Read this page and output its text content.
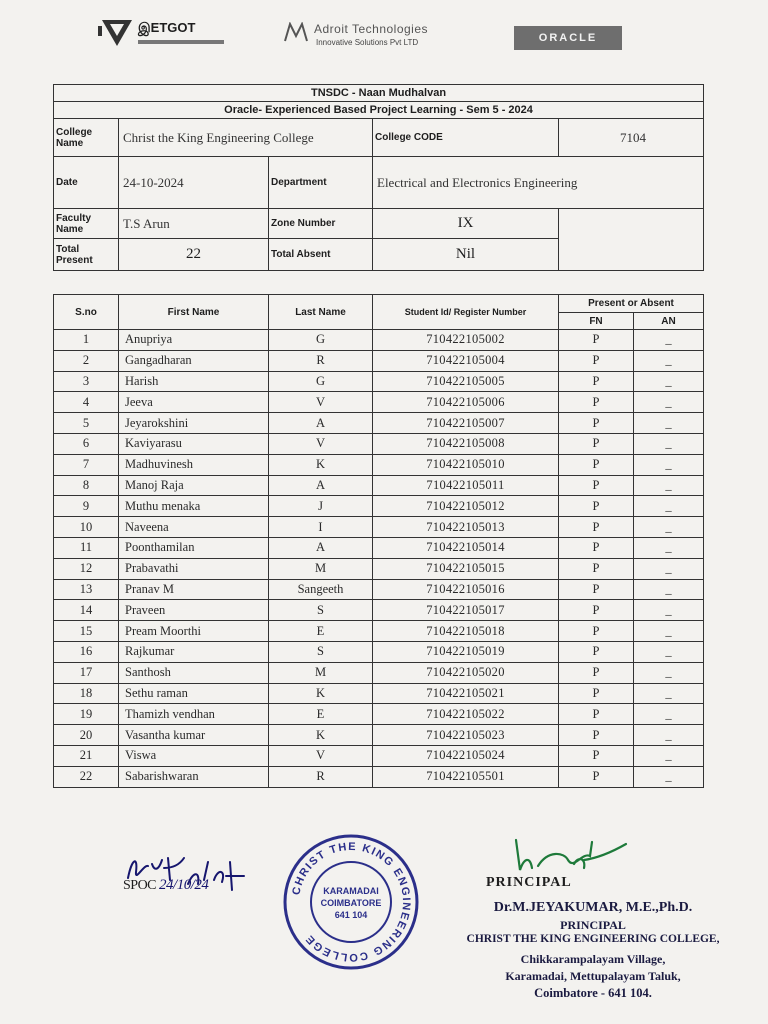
இETGOT	Adroit Technologies
Innovative Solutions Pvt LTD	ORACLE
TNSDC - Naan Mudhalvan				
Oracle- Experienced Based Project Learning - Sem 5 - 2024				
College Name	Christ the King Engineering College		College CODE	7104
Date	24-10-2024	Department	Electrical and Electronics Engineering	
Faculty Name	T.S Arun	Zone Number	IX	
Total Present	22	Total Absent	Nil	
S.no	First Name	Last Name	Student Id/ Register Number	Present or Absent	
				FN	AN
1	Anupriya	G	710422105002	P	_
2	Gangadharan	R	710422105004	P	_
3	Harish	G	710422105005	P	_
4	Jeeva	V	710422105006	P	_
5	Jeyarokshini	A	710422105007	P	_
6	Kaviyarasu	V	710422105008	P	_
7	Madhuvinesh	K	710422105010	P	_
8	Manoj Raja	A	710422105011	P	_
9	Muthu menaka	J	710422105012	P	_
10	Naveena	I	710422105013	P	_
11	Poonthamilan	A	710422105014	P	_
12	Prabavathi	M	710422105015	P	_
13	Pranav M	Sangeeth	710422105016	P	_
14	Praveen	S	710422105017	P	_
15	Pream Moorthi	E	710422105018	P	_
16	Rajkumar	S	710422105019	P	_
17	Santhosh	M	710422105020	P	_
18	Sethu raman	K	710422105021	P	_
19	Thamizh vendhan	E	710422105022	P	_
20	Vasantha kumar	K	710422105023	P	_
21	Viswa	V	710422105024	P	_
22	Sabarishwaran	R	710422105501	P	_
SPOC 24/10/24	CHRIST THE KING ENGINEERING COLLEGE
KARAMADAI
COIMBATORE
641 104
PRINCIPAL
Dr.M.JEYAKUMAR, M.E.,Ph.D.
PRINCIPAL
CHRIST THE KING ENGINEERING COLLEGE,
Chikkarampalayam Village,
Karamadai, Mettupalayam Taluk,
Coimbatore - 641 104.
